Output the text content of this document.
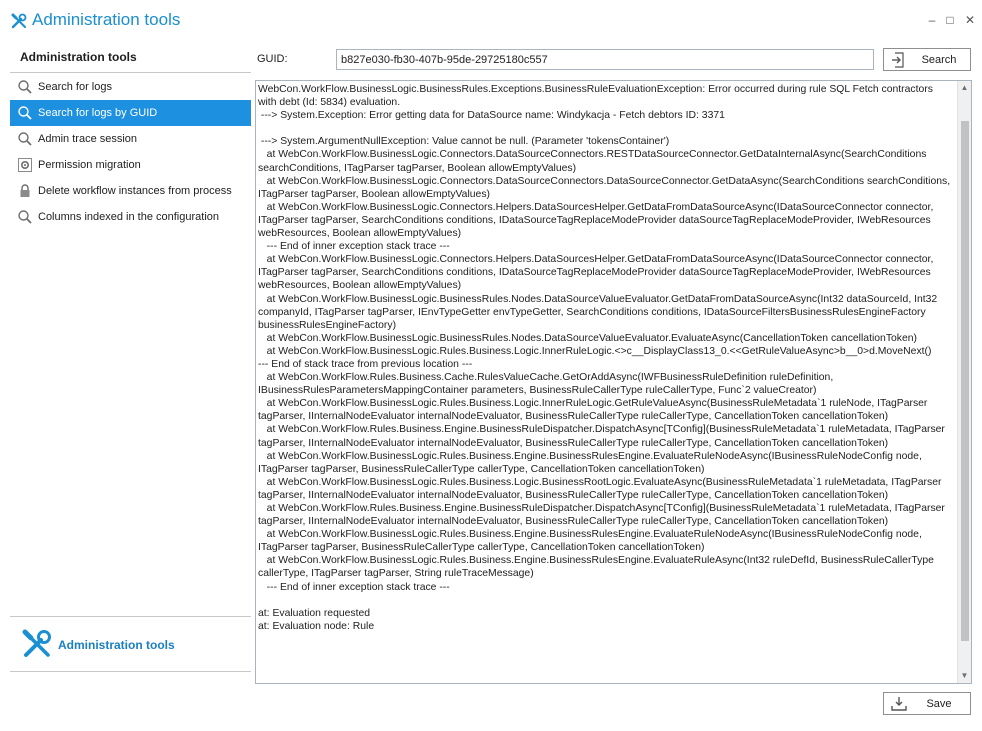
Administration tools	– □ ✕
Administration tools
Search for logs
Search for logs by GUID
Admin trace session
Permission migration
Delete workflow instances from process
Columns indexed in the configuration
Administration tools
GUID:
b827e030-fb30-407b-95de-29725180c557	Search
WebCon.WorkFlow.BusinessLogic.BusinessRules.Exceptions.BusinessRuleEvaluationException: Error occurred during rule SQL Fetch contractors with debt (Id: 5834) evaluation.
---> System.Exception: Error getting data for DataSource name: Windykacja - Fetch debtors ID: 3371

---> System.ArgumentNullException: Value cannot be null. (Parameter 'tokensContainer')
at WebCon.WorkFlow.BusinessLogic.Connectors.DataSourceConnectors.RESTDataSourceConnector.GetDataInternalAsync(SearchConditions searchConditions, ITagParser tagParser, Boolean allowEmptyValues)
at WebCon.WorkFlow.BusinessLogic.Connectors.DataSourceConnectors.DataSourceConnector.GetDataAsync(SearchConditions searchConditions, ITagParser tagParser, Boolean allowEmptyValues)
at WebCon.WorkFlow.BusinessLogic.Connectors.Helpers.DataSourcesHelper.GetDataFromDataSourceAsync(IDataSourceConnector connector, ITagParser tagParser, SearchConditions conditions, IDataSourceTagReplaceModeProvider dataSourceTagReplaceModeProvider, IWebResources webResources, Boolean allowEmptyValues)
--- End of inner exception stack trace ---
at WebCon.WorkFlow.BusinessLogic.Connectors.Helpers.DataSourcesHelper.GetDataFromDataSourceAsync(IDataSourceConnector connector, ITagParser tagParser, SearchConditions conditions, IDataSourceTagReplaceModeProvider dataSourceTagReplaceModeProvider, IWebResources webResources, Boolean allowEmptyValues)
at WebCon.WorkFlow.BusinessLogic.BusinessRules.Nodes.DataSourceValueEvaluator.GetDataFromDataSourceAsync(Int32 dataSourceId, Int32 companyId, ITagParser tagParser, IEnvTypeGetter envTypeGetter, SearchConditions conditions, IDataSourceFiltersBusinessRulesEngineFactory businessRulesEngineFactory)
at WebCon.WorkFlow.BusinessLogic.BusinessRules.Nodes.DataSourceValueEvaluator.EvaluateAsync(CancellationToken cancellationToken)
at WebCon.WorkFlow.BusinessLogic.Rules.Business.Logic.InnerRuleLogic.<>c__DisplayClass13_0.<<GetRuleValueAsync>b__0>d.MoveNext()
--- End of stack trace from previous location ---
at WebCon.WorkFlow.Rules.Business.Cache.RulesValueCache.GetOrAddAsync(IWFBusinessRuleDefinition ruleDefinition, IBusinessRulesParametersMappingContainer parameters, BusinessRuleCallerType ruleCallerType, Func`2 valueCreator)
at WebCon.WorkFlow.BusinessLogic.Rules.Business.Logic.InnerRuleLogic.GetRuleValueAsync(BusinessRuleMetadata`1 ruleNode, ITagParser tagParser, IInternalNodeEvaluator internalNodeEvaluator, BusinessRuleCallerType ruleCallerType, CancellationToken cancellationToken)
at WebCon.WorkFlow.Rules.Business.Engine.BusinessRuleDispatcher.DispatchAsync[TConfig](BusinessRuleMetadata`1 ruleMetadata, ITagParser tagParser, IInternalNodeEvaluator internalNodeEvaluator, BusinessRuleCallerType ruleCallerType, CancellationToken cancellationToken)
at WebCon.WorkFlow.BusinessLogic.Rules.Business.Engine.BusinessRulesEngine.EvaluateRuleNodeAsync(IBusinessRuleNodeConfig node, ITagParser tagParser, BusinessRuleCallerType callerType, CancellationToken cancellationToken)
at WebCon.WorkFlow.BusinessLogic.Rules.Business.Logic.BusinessRootLogic.EvaluateAsync(BusinessRuleMetadata`1 ruleMetadata, ITagParser tagParser, IInternalNodeEvaluator internalNodeEvaluator, BusinessRuleCallerType ruleCallerType, CancellationToken cancellationToken)
at WebCon.WorkFlow.Rules.Business.Engine.BusinessRuleDispatcher.DispatchAsync[TConfig](BusinessRuleMetadata`1 ruleMetadata, ITagParser tagParser, IInternalNodeEvaluator internalNodeEvaluator, BusinessRuleCallerType ruleCallerType, CancellationToken cancellationToken)
at WebCon.WorkFlow.BusinessLogic.Rules.Business.Engine.BusinessRulesEngine.EvaluateRuleNodeAsync(IBusinessRuleNodeConfig node, ITagParser tagParser, BusinessRuleCallerType callerType, CancellationToken cancellationToken)
at WebCon.WorkFlow.BusinessLogic.Rules.Business.Engine.BusinessRulesEngine.EvaluateRuleAsync(Int32 ruleDefId, BusinessRuleCallerType callerType, ITagParser tagParser, String ruleTraceMessage)
--- End of inner exception stack trace ---

at: Evaluation requested
at: Evaluation node: Rule
▲
▼
Save
